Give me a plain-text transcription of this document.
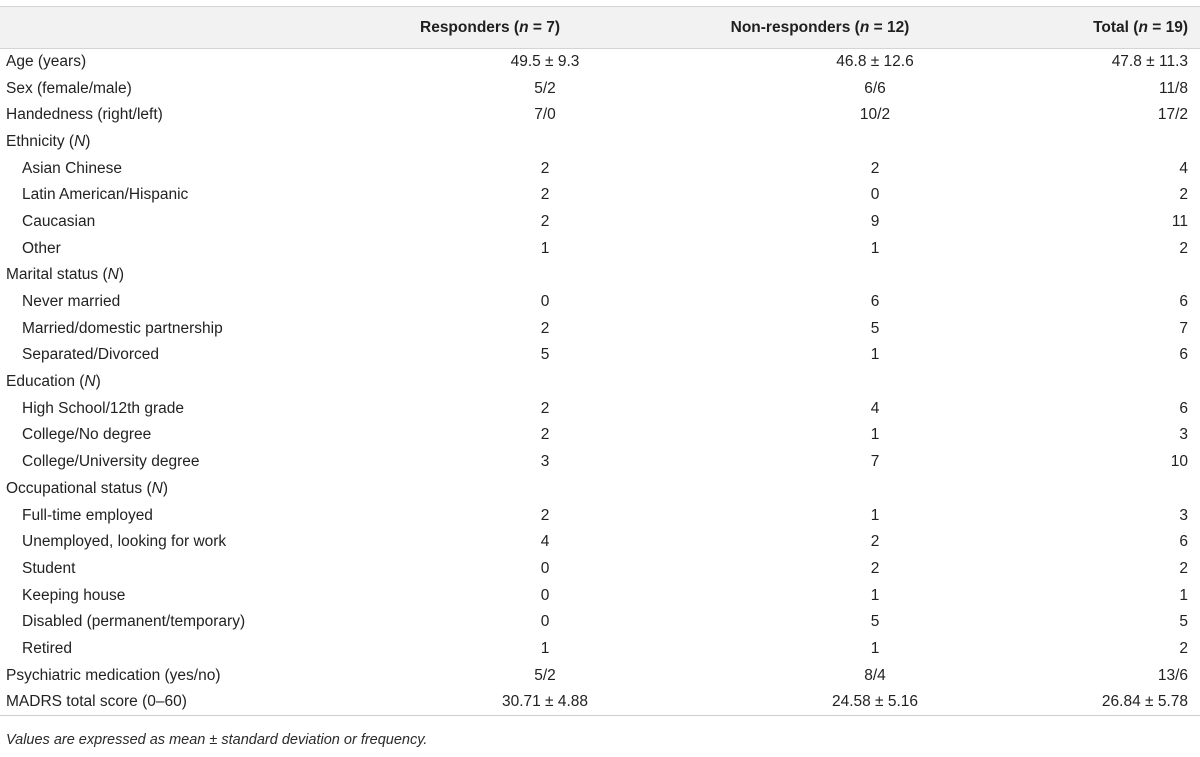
	Responders (n = 7)	Non-responders (n = 12)	Total (n = 19)
Age (years)	49.5 ± 9.3	46.8 ± 12.6	47.8 ± 11.3
Sex (female/male)	5/2	6/6	11/8
Handedness (right/left)	7/0	10/2	17/2
Ethnicity (N)			
Asian Chinese	2	2	4
Latin American/Hispanic	2	0	2
Caucasian	2	9	11
Other	1	1	2
Marital status (N)			
Never married	0	6	6
Married/domestic partnership	2	5	7
Separated/Divorced	5	1	6
Education (N)			
High School/12th grade	2	4	6
College/No degree	2	1	3
College/University degree	3	7	10
Occupational status (N)			
Full-time employed	2	1	3
Unemployed, looking for work	4	2	6
Student	0	2	2
Keeping house	0	1	1
Disabled (permanent/temporary)	0	5	5
Retired	1	1	2
Psychiatric medication (yes/no)	5/2	8/4	13/6
MADRS total score (0–60)	30.71 ± 4.88	24.58 ± 5.16	26.84 ± 5.78
Values are expressed as mean ± standard deviation or frequency.
